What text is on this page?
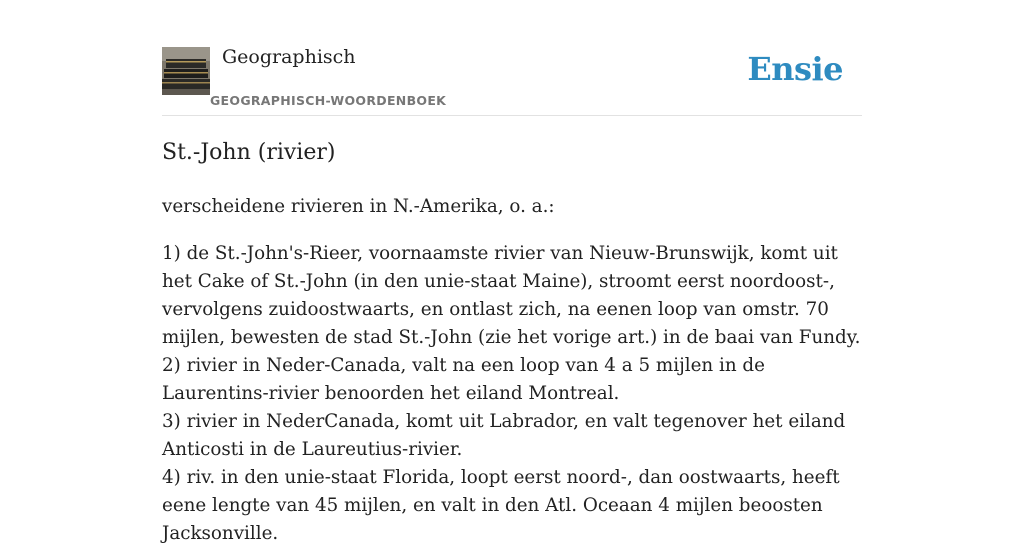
Geographisch
GEOGRAPHISCH-WOORDENBOEK
Ensie
St.-John (rivier)

verscheidene rivieren in N.-Amerika, o. a.:

1) de St.-John's-Rieer, voornaamste rivier van Nieuw-Brunswijk, komt uit het Cake of St.-John (in den unie-staat Maine), stroomt eerst noordoost-, vervolgens zuidoostwaarts, en ontlast zich, na eenen loop van omstr. 70 mijlen, bewesten de stad St.-John (zie het vorige art.) in de baai van Fundy.

2) rivier in Neder-Canada, valt na een loop van 4 a 5 mijlen in de Laurentins-rivier benoorden het eiland Montreal.

3) rivier in NederCanada, komt uit Labrador, en valt tegenover het eiland Anticosti in de Laureutius-rivier.

4) riv. in den unie-staat Florida, loopt eerst noord-, dan oostwaarts, heeft eene lengte van 45 mijlen, en valt in den Atl. Oceaan 4 mijlen beoosten Jacksonville.
